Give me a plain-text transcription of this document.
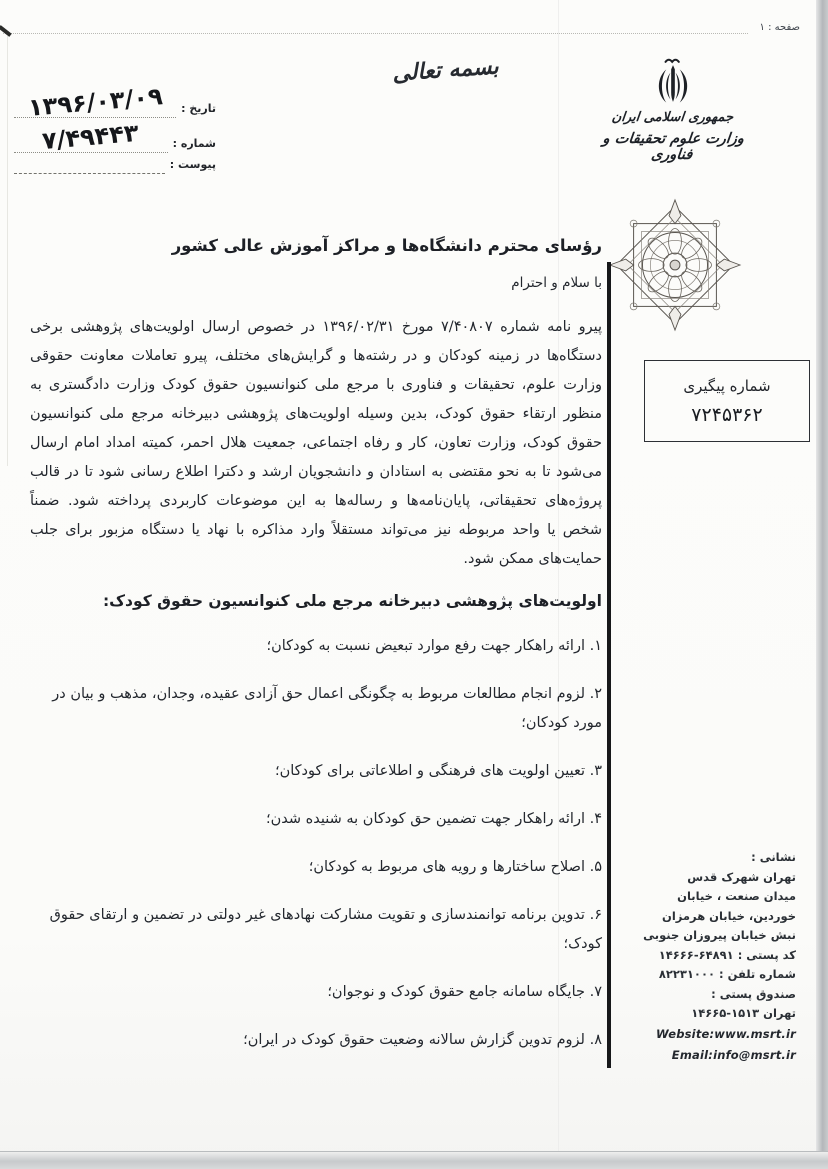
صفحه : ۱
بسمه تعالی
جمهوری اسلامی ایران
وزارت علوم تحقیقات و فناوری
تاریخ :
۱۳۹۶/۰۳/۰۹
شماره :
۷/۴۹۴۴۳
پیوست :
شماره پیگیری
۷۲۴۵۳۶۲
رؤسای محترم دانشگاه‌ها و مراکز آموزش عالی کشور
با سلام و احترام

پیرو نامه شماره ۷/۴۰۸۰۷ مورخ ۱۳۹۶/۰۲/۳۱ در خصوص ارسال اولویت‌های پژوهشی برخی دستگاه‌ها در زمینه کودکان و در رشته‌ها و گرایش‌های مختلف، پیرو تعاملات معاونت حقوقی وزارت علوم، تحقیقات و فناوری با مرجع ملی کنوانسیون حقوق کودک وزارت دادگستری به منظور ارتقاء حقوق کودک، بدین وسیله اولویت‌های پژوهشی دبیرخانه مرجع ملی کنوانسیون حقوق کودک، وزارت تعاون، کار و رفاه اجتماعی، جمعیت هلال احمر، کمیته امداد امام ارسال می‌شود تا به نحو مقتضی به استادان و دانشجویان ارشد و دکترا اطلاع رسانی شود تا در قالب پروژه‌های تحقیقاتی، پایان‌نامه‌ها و رساله‌ها به این موضوعات کاربردی پرداخته شود. ضمناً شخص یا واحد مربوطه نیز می‌تواند مستقلاً وارد مذاکره با نهاد یا دستگاه مزبور برای جلب حمایت‌های ممکن شود.

اولویت‌های پژوهشی دبیرخانه مرجع ملی کنوانسیون حقوق کودک:
۱. ارائه راهکار جهت رفع موارد تبعیض نسبت به کودکان؛
۲. لزوم انجام مطالعات مربوط به چگونگی اعمال حق آزادی عقیده، وجدان، مذهب و بیان در مورد کودکان؛
۳. تعیین اولویت های فرهنگی و اطلاعاتی برای کودکان؛
۴. ارائه راهکار جهت تضمین حق کودکان به شنیده شدن؛
۵. اصلاح ساختارها و رویه های مربوط به کودکان؛
۶. تدوین برنامه توانمندسازی و تقویت مشارکت نهادهای غیر دولتی در تضمین و ارتقای حقوق کودک؛
۷. جایگاه سامانه جامع حقوق کودک و نوجوان؛
۸. لزوم تدوین گزارش سالانه وضعیت حقوق کودک در ایران؛
نشانی :
تهران شهرک قدس
میدان صنعت ، خیابان
خوردین، خیابان هرمزان
نبش خیابان پیروزان جنوبی
کد پستی : ۱۴۶۶۶-۶۴۸۹۱
شماره تلفن : ۸۲۲۳۱۰۰۰
صندوق پستی :
تهران ۱۴۶۶۵-۱۵۱۳
Website:www.msrt.ir
Email:info@msrt.ir
